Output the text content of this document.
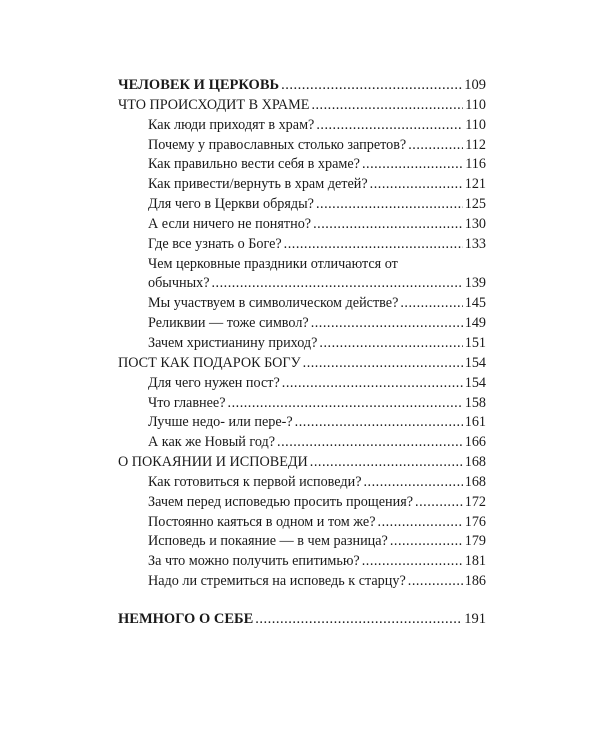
ЧЕЛОВЕК И ЦЕРКОВЬ .....	109
ЧТО ПРОИСХОДИТ В ХРАМЕ .....	110
Как люди приходят в храм? .....	110
Почему у православных столько запретов? .....	112
Как правильно вести себя в храме? .....	116
Как привести/вернуть в храм детей? .....	121
Для чего в Церкви обряды? .....	125
А если ничего не понятно? .....	130
Где все узнать о Боге? .....	133
Чем церковные праздники отличаются от
обычных? .....	139
Мы участвуем в символическом действе? .....	145
Реликвии — тоже символ? .....	149
Зачем христианину приход? .....	151
ПОСТ КАК ПОДАРОК БОГУ .....	154
Для чего нужен пост? .....	154
Что главнее? .....	158
Лучше недо- или пере-? .....	161
А как же Новый год? .....	166
О ПОКАЯНИИ И ИСПОВЕДИ .....	168
Как готовиться к первой исповеди? .....	168
Зачем перед исповедью просить прощения? .....	172
Постоянно каяться в одном и том же? .....	176
Исповедь и покаяние — в чем разница? .....	179
За что можно получить епитимью? .....	181
Надо ли стремиться на исповедь к старцу? .....	186
НЕМНОГО О СЕБЕ .....	191
